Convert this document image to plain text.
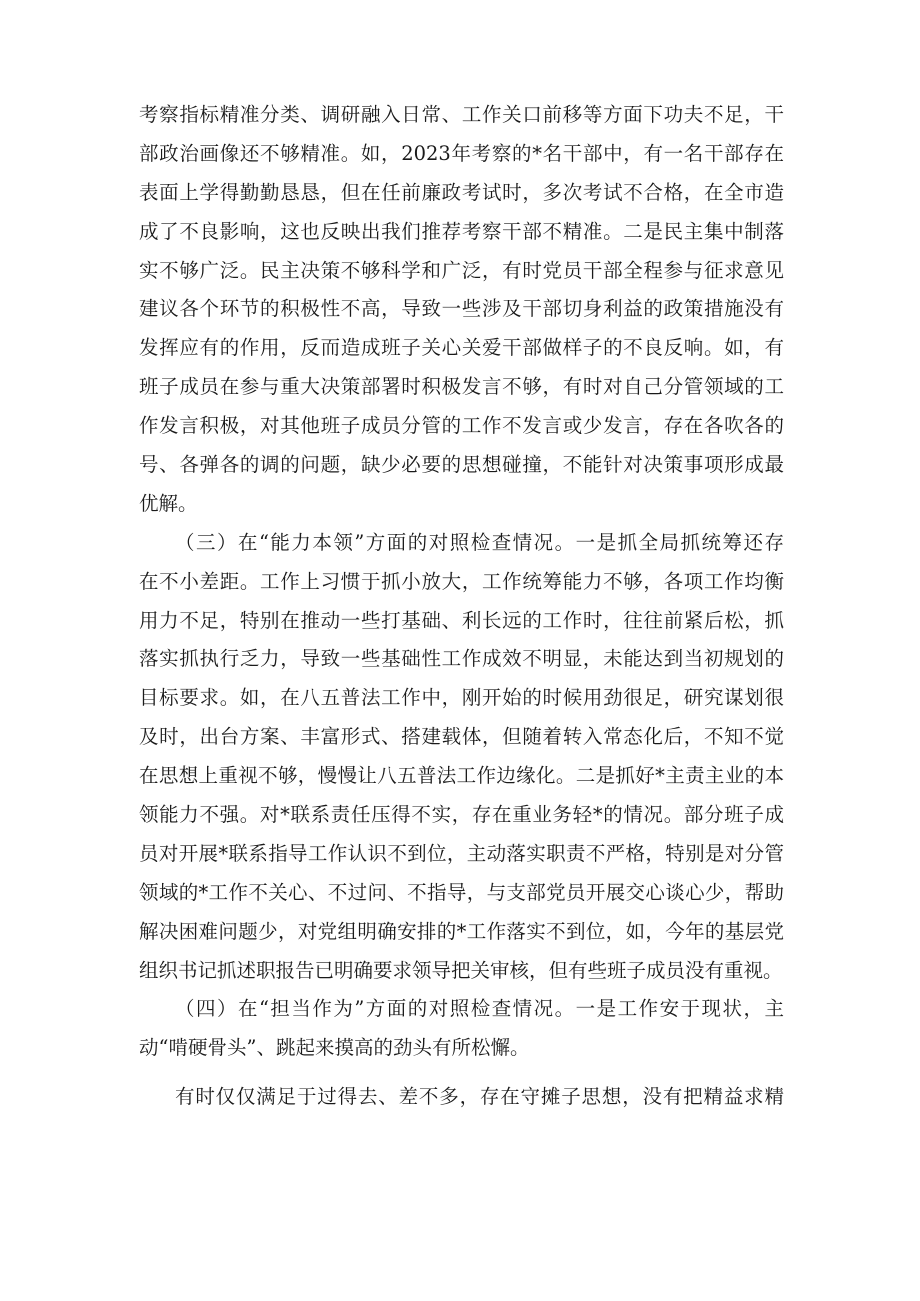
考察指标精准分类、调研融入日常、工作关口前移等方面下功夫不足，干
部政治画像还不够精准。如，2023年考察的*名干部中，有一名干部存在
表面上学得勤勤恳恳，但在任前廉政考试时，多次考试不合格，在全市造
成了不良影响，这也反映出我们推荐考察干部不精准。二是民主集中制落
实不够广泛。民主决策不够科学和广泛，有时党员干部全程参与征求意见
建议各个环节的积极性不高，导致一些涉及干部切身利益的政策措施没有
发挥应有的作用，反而造成班子关心关爱干部做样子的不良反响。如，有
班子成员在参与重大决策部署时积极发言不够，有时对自己分管领域的工
作发言积极，对其他班子成员分管的工作不发言或少发言，存在各吹各的
号、各弹各的调的问题，缺少必要的思想碰撞，不能针对决策事项形成最
优解。
（三）在“能力本领”方面的对照检查情况。一是抓全局抓统筹还存
在不小差距。工作上习惯于抓小放大，工作统筹能力不够，各项工作均衡
用力不足，特别在推动一些打基础、利长远的工作时，往往前紧后松，抓
落实抓执行乏力，导致一些基础性工作成效不明显，未能达到当初规划的
目标要求。如，在八五普法工作中，刚开始的时候用劲很足，研究谋划很
及时，出台方案、丰富形式、搭建载体，但随着转入常态化后，不知不觉
在思想上重视不够，慢慢让八五普法工作边缘化。二是抓好*主责主业的本
领能力不强。对*联系责任压得不实，存在重业务轻*的情况。部分班子成
员对开展*联系指导工作认识不到位，主动落实职责不严格，特别是对分管
领域的*工作不关心、不过问、不指导，与支部党员开展交心谈心少，帮助
解决困难问题少，对党组明确安排的*工作落实不到位，如，今年的基层党
组织书记抓述职报告已明确要求领导把关审核，但有些班子成员没有重视。
（四）在“担当作为”方面的对照检查情况。一是工作安于现状，主
动“啃硬骨头”、跳起来摸高的劲头有所松懈。
有时仅仅满足于过得去、差不多，存在守摊子思想，没有把精益求精
